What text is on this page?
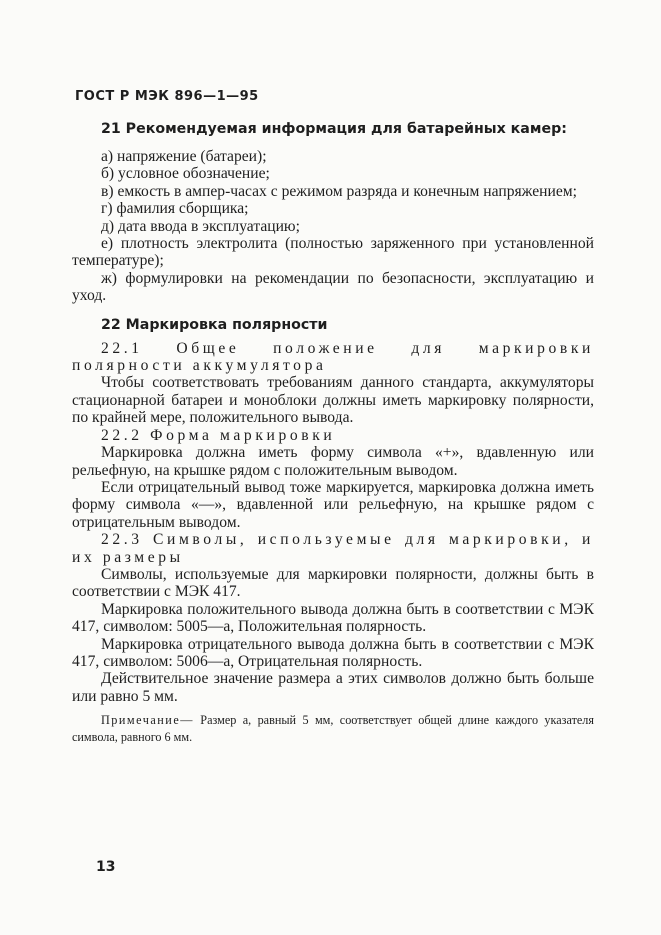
ГОСТ Р МЭК 896—1—95
21 Рекомендуемая информация для батарейных камер:

а) напряжение (батареи);

б) условное обозначение;

в) емкость в ампер-часах с режимом разряда и конечным напряжением;

г) фамилия сборщика;

д) дата ввода в эксплуатацию;

е) плотность электролита (полностью заряженного при установленной температуре);

ж) формулировки на рекомендации по безопасности, эксплуатацию и уход.

22 Маркировка полярности

22.1 Общее положение для маркировки полярности аккумулятора

Чтобы соответствовать требованиям данного стандарта, аккумуляторы стационарной батареи и моноблоки должны иметь маркировку полярности, по крайней мере, положительного вывода.

22.2 Форма маркировки

Маркировка должна иметь форму символа «+», вдавленную или рельефную, на крышке рядом с положительным выводом.

Если отрицательный вывод тоже маркируется, маркировка должна иметь форму символа «—», вдавленной или рельефную, на крышке рядом с отрицательным выводом.

22.3 Символы, используемые для маркировки, и их размеры

Символы, используемые для маркировки полярности, должны быть в соответствии с МЭК 417.

Маркировка положительного вывода должна быть в соответствии с МЭК 417, символом: 5005—а, Положительная полярность.

Маркировка отрицательного вывода должна быть в соответствии с МЭК 417, символом: 5006—а, Отрицательная полярность.

Действительное значение размера a этих символов должно быть больше или равно 5 мм.

Примечание— Размер a, равный 5 мм, соответствует общей длине каждого указателя символа, равного 6 мм.

13
